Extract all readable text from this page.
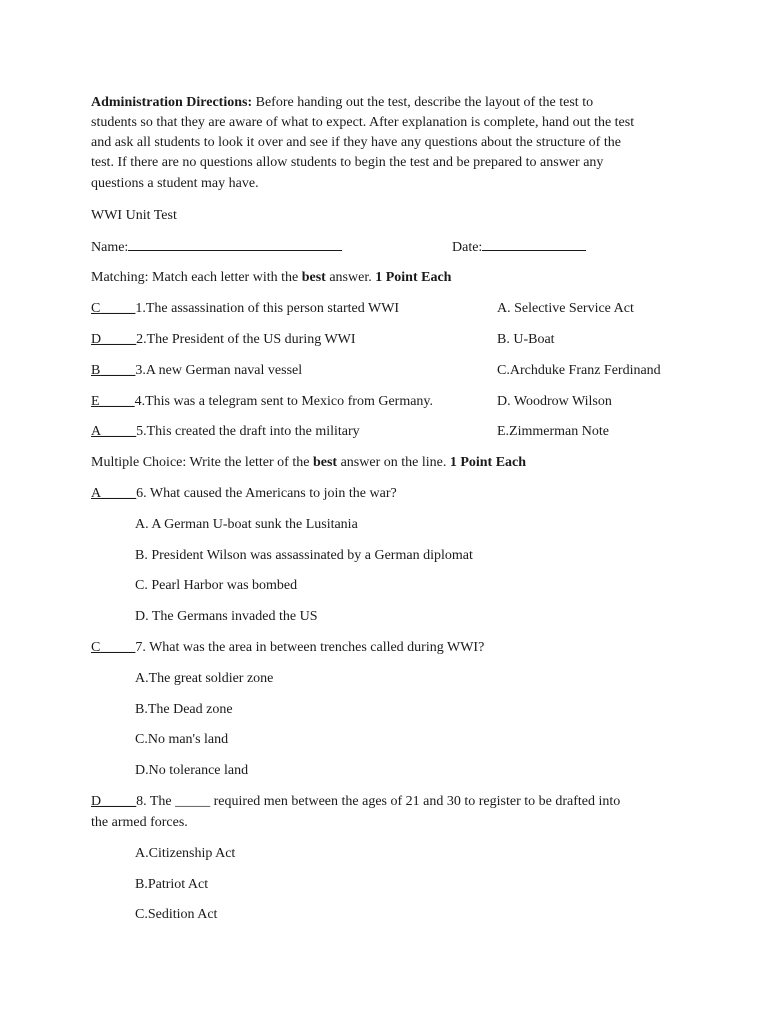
Administration Directions: Before handing out the test, describe the layout of the test to
students so that they are aware of what to expect. After explanation is complete, hand out the test
and ask all students to look it over and see if they have any questions about the structure of the
test. If there are no questions allow students to begin the test and be prepared to answer any
questions a student may have.
WWI Unit Test
Name:	Date:
Matching: Match each letter with the best answer. 1 Point Each
C_____1.The assassination of this person started WWI	A. Selective Service Act
D_____2.The President of the US during WWI	B. U-Boat
B_____3.A new German naval vessel	C.Archduke Franz Ferdinand
E_____4.This was a telegram sent to Mexico from Germany.	D. Woodrow Wilson
A_____5.This created the draft into the military	E.Zimmerman Note
Multiple Choice: Write the letter of the best answer on the line. 1 Point Each
A_____6. What caused the Americans to join the war?
A. A German U-boat sunk the Lusitania
B. President Wilson was assassinated by a German diplomat
C. Pearl Harbor was bombed
D. The Germans invaded the US
C_____7. What was the area in between trenches called during WWI?
A.The great soldier zone
B.The Dead zone
C.No man's land
D.No tolerance land
D_____8. The _____ required men between the ages of 21 and 30 to register to be drafted into
the armed forces.
A.Citizenship Act
B.Patriot Act
C.Sedition Act
